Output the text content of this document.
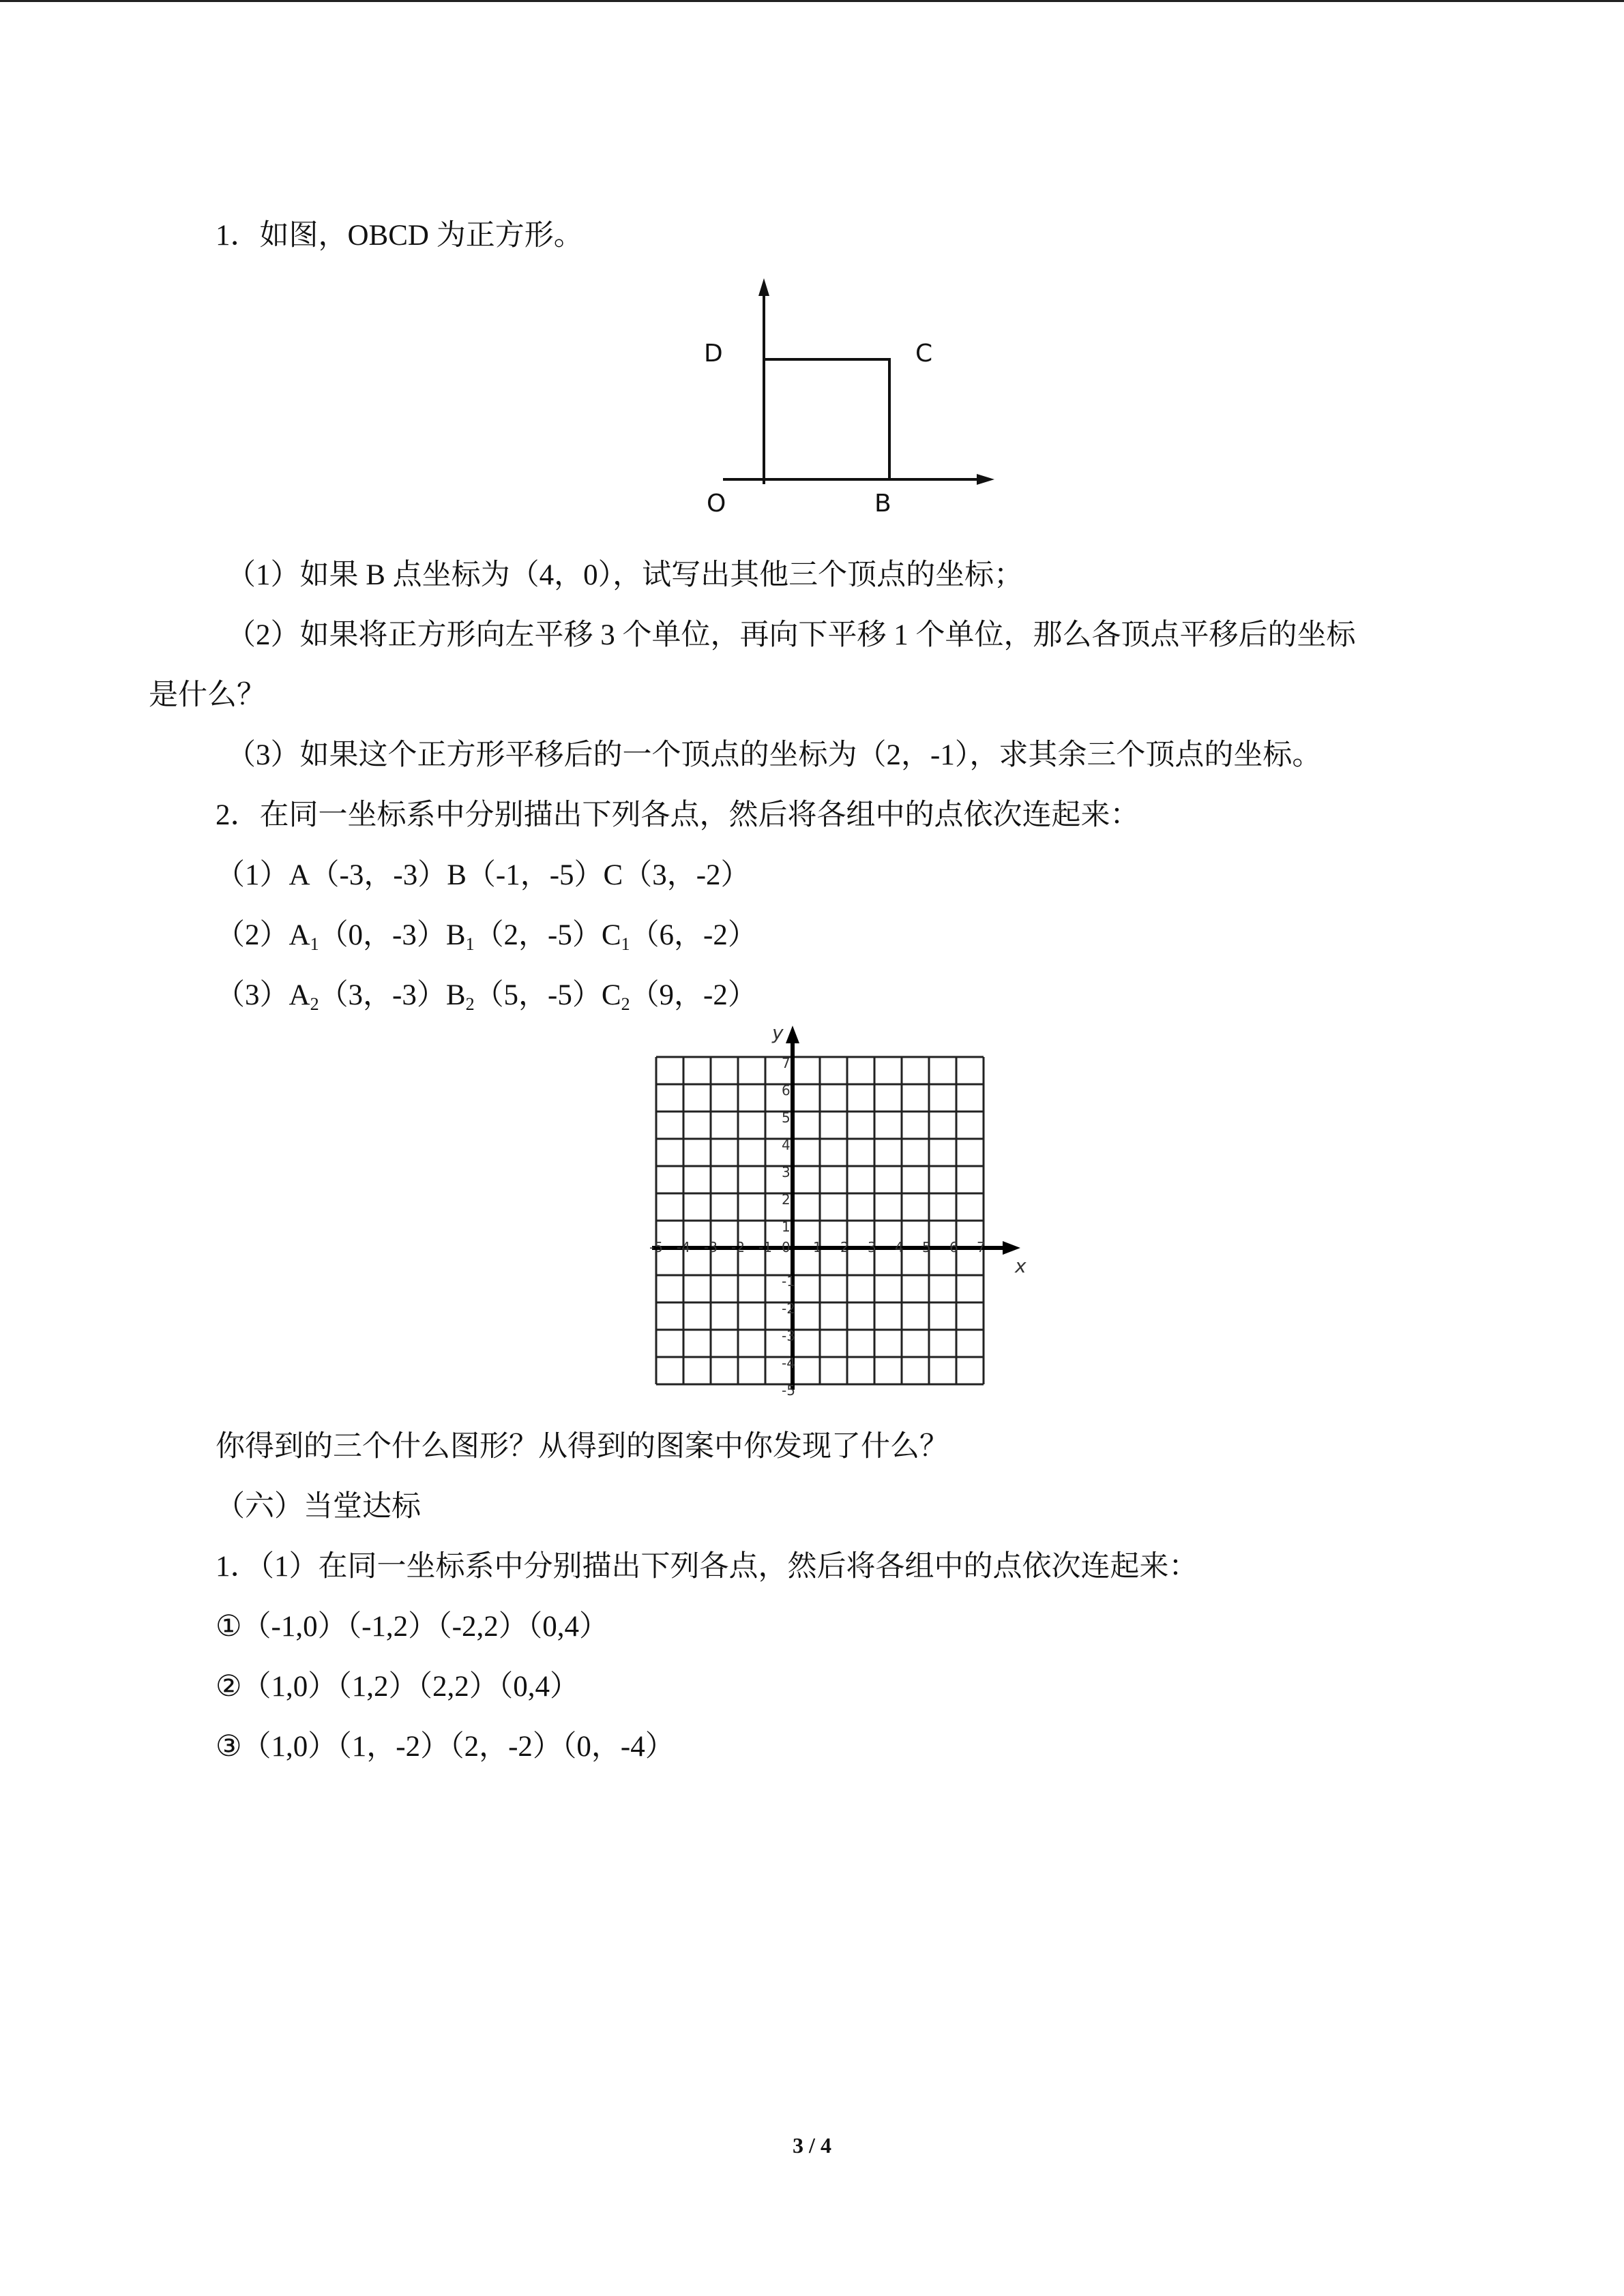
1．如图，OBCD 为正方形。
D	C
O	B
（1）如果 B 点坐标为（4，0），试写出其他三个顶点的坐标；
（2）如果将正方形向左平移 3 个单位，再向下平移 1 个单位，那么各顶点平移后的坐标
是什么？
（3）如果这个正方形平移后的一个顶点的坐标为（2，-1），求其余三个顶点的坐标。
2．在同一坐标系中分别描出下列各点，然后将各组中的点依次连起来：
（1）A（-3，-3）B（-1，-5）C（3，-2）
$(2)A_1(0$，$-3)B_1(2$，$-5)C_1(6$，-2）
$(3)A_2(3$，$-3)B_2(5$，$-5)C_2(9$，-2）
x
y
-5 -4 -3 -2 -1	1 2 3 4 5 6 7
7
6
5
4
3
2
1
-1
-2
-3
-4
-5
0
你得到的三个什么图形？从得到的图案中你发现了什么？
（六）当堂达标
1．（1）在同一坐标系中分别描出下列各点，然后将各组中的点依次连起来：
①（-1,0）（-1,2）（-2,2）（0,4）
②（1,0）（1,2）（2,2）（0,4）
③（1,0）（1，-2）（2，-2）（0，-4）
3 / 4
